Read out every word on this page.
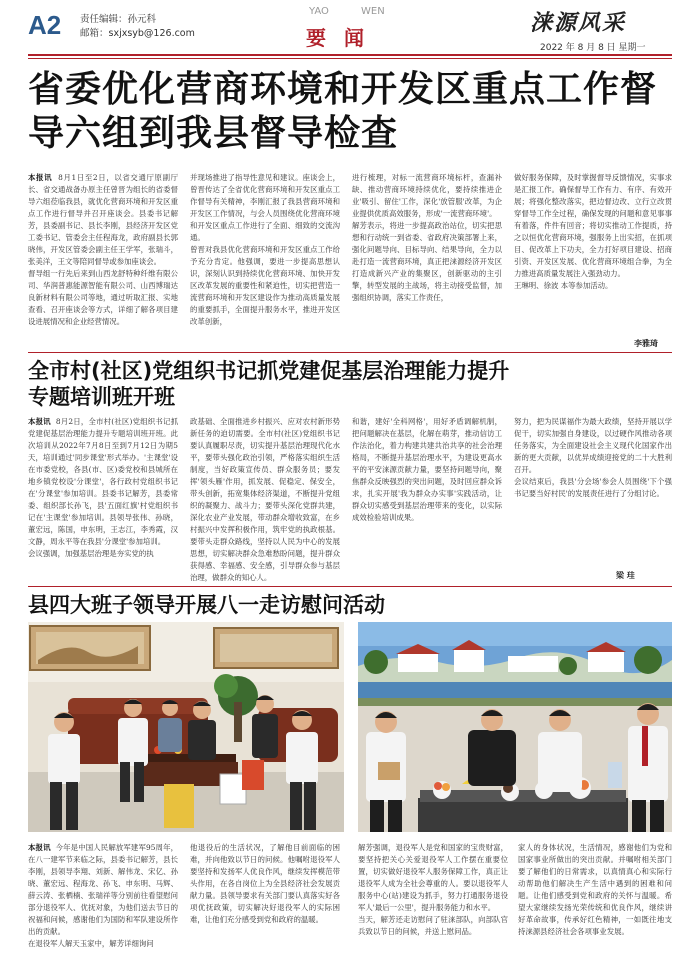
A2 责任编辑：孙元科
邮箱：sxjxsyb@126.com
YAO	WEN
要闻
涞源风采
2022 年 8 月 8 日 星期一
省委优化营商环境和开发区重点工作督导六组到我县督导检查
本报讯 8月1日至2日，以省交通厅原副厅长、省交通战备办原主任曾晋为组长的省委督导六组莅临我县，就优化营商环境和开发区重点工作进行督导并召开座谈会。县委书记解芳，县委副书记、县长李刚，县经济开发区党工委书记、管委会主任程海龙，政府副县长郭晓伟，开发区管委会副主任王学军，张瑞斗，张美洋，王文等陪同督导或参加座谈会。
督导组一行先后来到山西龙舒特种纤维有限公司、华润普惠能源智能有限公司、山西博瑞达良新材料有限公司等地，通过听取汇报、实地查看、召开座谈会等方式，详细了解各项目建设进展情况和企业经营情况。
并现场推进了指导性意见和建议。座谈会上，曾晋传达了全省优化营商环境和开发区重点工作督导有关精神，李刚汇报了我县营商环境和开发区工作情况，与会人员围绕优化营商环境和开发区重点工作进行了全面、细致的交流沟通。
曾晋对我县优化营商环境和开发区重点工作给予充分肯定。他强调，要进一步提高思想认识，深刻认识到持续优化营商环境、加快开发区改革发展的重要性和紧迫性，切实把营造一流营商环境和开发区建设作为推动高质量发展的重要抓手，全面提升服务水平，推进开发区改革创新，
进行梳理，对标一流营商环境标杆，查漏补缺、推动营商环境持续优化，要持续推进企业'吸引、留住'工作，深化'放管服'改革，为企业提供优质高效服务，形成'一流营商环境'。
解芳表示，将进一步提高政治站位，切实把思想和行动统一到省委、省政府决策部署上来，强化问题导向、目标导向、结果导向，全力以赴打造一流营商环境，真正把涞源经济开发区打造成新兴产业的集聚区，创新驱动的主引擎，转型发展的主战场，将主动接受监督，加强组织协调，落实工作责任，
做好服务保障，及时掌握督导反馈情况，实事求是汇报工作。确保督导工作有力、有序、有效开展；将强化整改落实，把边督边改、立行立改贯穿督导工作全过程，确保发现的问题和意见事事有着落，件件有回音；将切实推动工作提质，持之以恒优化营商环境，强服务上出实招，在抓项目、促改革上下功夫，全力打好项目建设、招商引资、开发区发展、优化营商环境组合拳，为全力推进高质量发展注入强劲动力。
王琳明、徐波 本等参加活动。
李雅琦
全市村(社区)党组织书记抓党建促基层治理能力提升
专题培训班开班
本报讯 8月2日，全市村(社区)党组织书记抓党建促基层治理能力提升专题培训班开班。此次培训从2022年7月8日至到7月12日为期5天，培训通过'同步课堂'形式举办。'主课堂'设在市委党校，各县(市、区)委党校和县城所在地乡镇党校设'分课堂'，各行政村党组织书记在'分课堂'参加培训。县委书记解芳，县委常委、组织部长孙飞，县'五面红旗'村党组织书记在'主课堂'参加培训。县领导张伟、孙晓，董宏远，陈国，申东明，王志江，李秀霞，汉文静，周永平等在我县'分课堂'参加培训。
会议强调，加强基层治理是夯实党的执
政基础、全面推进乡村振兴、应对农村新形势新任务的迫切需要。全市村(社区)党组织书记要认真履职尽责，切实提升基层治理现代化水平，要带头强化政治引领，严格落实组织生活制度，当好政策宣传员、群众服务员；要发挥'领头雁'作用，抓发展、促稳定、保安全，带头创新，拓宽集体经济渠道，不断提升党组织的凝聚力、战斗力；要带头深化党群共建，深化农业产业发展，带动群众增收致富，在乡村振兴中发挥积极作用，筑牢党的执政根基。要带头走群众路线，坚持以人民为中心的发展思想，切实解决群众急难愁盼问题，提升群众获得感、幸福感、安全感，引导群众参与基层治理，做群众的知心人。
和谐，建好'全科网格'，用好矛盾调解机制，把问题解决在基层，化解在萌芽，推动信访工作法治化，着力构建共建共治共享的社会治理格局，不断提升基层治理水平，为建设更高水平的平安涞源贡献力量，要坚持问题导向，聚焦群众反映强烈的突出问题，及时回应群众诉求，扎实开展'我为群众办实事'实践活动，让群众切实感受到基层治理带来的变化，以实际成效检验培训成果。
努力，把为民谋福作为最大政绩，坚持开展以学促干，切实加强自身建设，以过硬作风推动各项任务落实，为全面建设社会主义现代化国家作出新的更大贡献，以优异成绩迎接党的二十大胜利召开。
会议结束后，我县'分会场'参会人员围绕'下个强书记要当好村民'的发展责任进行了分组讨论。
梁 珪
县四大班子领导开展八一走访慰问活动
本报讯 今年是中国人民解放军建军95周年，在八一建军节来临之际，县委书记解芳，县长李刚，县领导李翔、刘新、解伟龙、宋亿、孙晓、董宏远、程海龙、孙飞、申东明、马辉、薛云涛、张栖楠、张瑞祥等分别前往看望慰问部分退役军人、优抚对象，为他们送去节日的祝福和问候，感谢他们为国防和军队建设所作出的贡献。
在退役军人解天玉家中，解芳详细询问
他退役后的生活状况，了解他目前面临的困难，并向他致以节日的问候。他嘱咐退役军人要坚持和发扬军人优良作风，继续发挥模范带头作用，在各自岗位上为全县经济社会发展贡献力量。县领导要求有关部门要认真落实好各项优抚政策，切实解决好退役军人的实际困难，让他们充分感受到党和政府的温暖。
解芳强调，退役军人是党和国家的宝贵财富，要坚持把关心关爱退役军人工作摆在重要位置，切实做好退役军人服务保障工作，真正让退役军人成为全社会尊重的人。要以退役军人服务中心(站)建设为抓手，努力打通服务退役军人'最后一公里'，提升服务能力和水平。
当天，解芳还走访慰问了驻涞部队，向部队官兵致以节日的问候，并送上慰问品。
家人的身体状况，生活情况，感谢他们为党和国家事业所做出的突出贡献。并嘱咐相关部门要了解他们的日常需求，以真情真心和实际行动帮助他们解决生产生活中遇到的困难和问题。让他们感受到党和政府的关怀与温暖。希望大家继续发扬光荣传统和优良作风，继续讲好革命故事，传承好红色精神，一如既往地支持涞源县经济社会各项事业发展。
